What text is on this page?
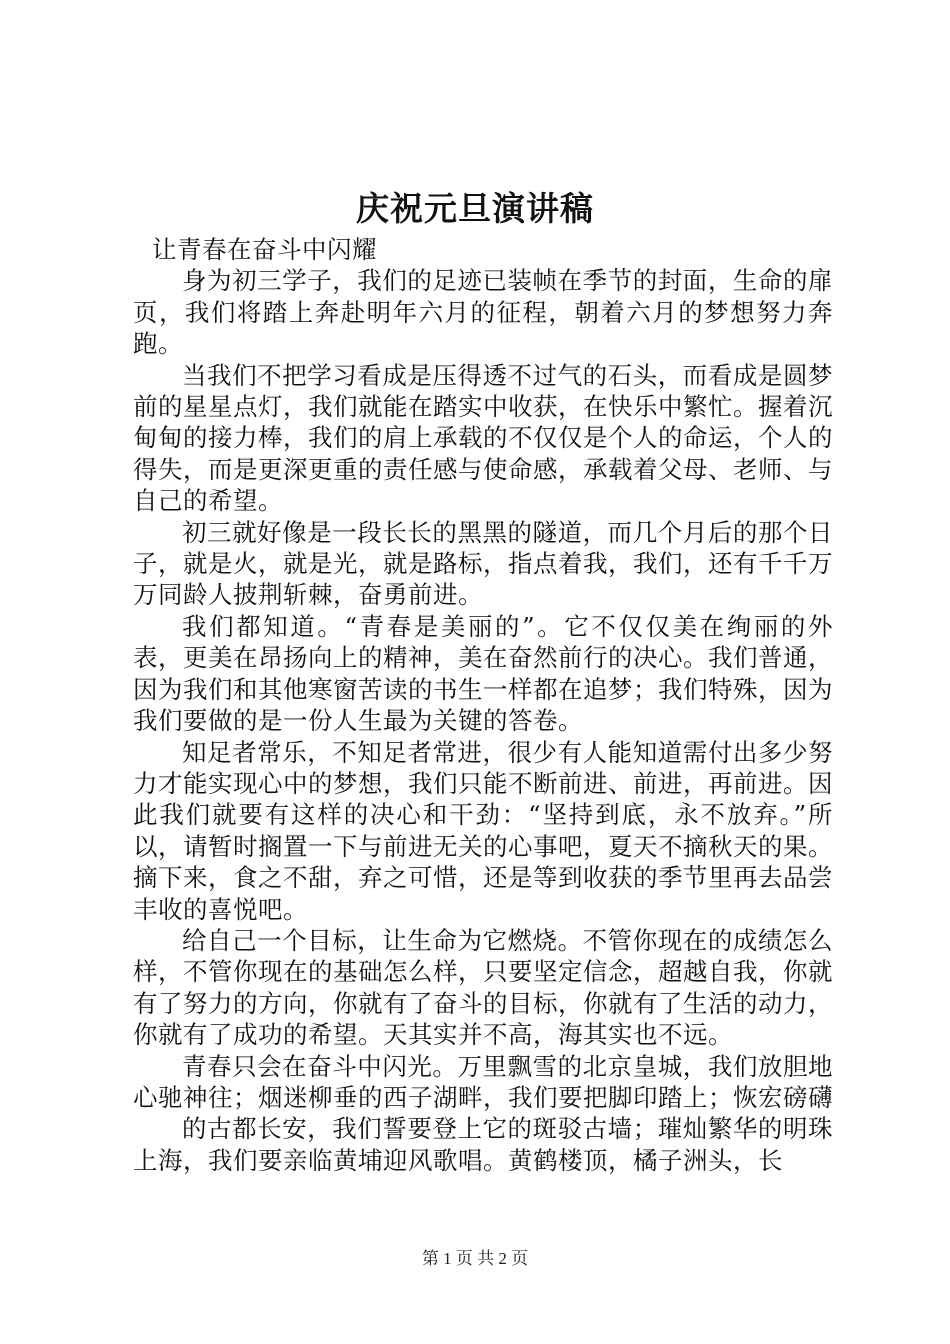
庆祝元旦演讲稿

让青春在奋斗中闪耀

身为初三学子，我们的足迹已装帧在季节的封面，生命的扉页，我们将踏上奔赴明年六月的征程，朝着六月的梦想努力奔跑。

当我们不把学习看成是压得透不过气的石头，而看成是圆梦前的星星点灯，我们就能在踏实中收获，在快乐中繁忙。握着沉甸甸的接力棒，我们的肩上承载的不仅仅是个人的命运，个人的得失，而是更深更重的责任感与使命感，承载着父母、老师、与自己的希望。

初三就好像是一段长长的黑黑的隧道，而几个月后的那个日子，就是火，就是光，就是路标，指点着我，我们，还有千千万万同龄人披荆斩棘，奋勇前进。

我们都知道。“青春是美丽的”。它不仅仅美在绚丽的外表，更美在昂扬向上的精神，美在奋然前行的决心。我们普通，因为我们和其他寒窗苦读的书生一样都在追梦；我们特殊，因为我们要做的是一份人生最为关键的答卷。

知足者常乐，不知足者常进，很少有人能知道需付出多少努力才能实现心中的梦想，我们只能不断前进、前进，再前进。因此我们就要有这样的决心和干劲：“坚持到底，永不放弃。”所以，请暂时搁置一下与前进无关的心事吧，夏天不摘秋天的果。摘下来，食之不甜，弃之可惜，还是等到收获的季节里再去品尝丰收的喜悦吧。

给自己一个目标，让生命为它燃烧。不管你现在的成绩怎么样，不管你现在的基础怎么样，只要坚定信念，超越自我，你就有了努力的方向，你就有了奋斗的目标，你就有了生活的动力，你就有了成功的希望。天其实并不高，海其实也不远。

青春只会在奋斗中闪光。万里飘雪的北京皇城，我们放胆地心驰神往；烟迷柳垂的西子湖畔，我们要把脚印踏上；恢宏磅礴

的古都长安，我们誓要登上它的斑驳古墙；璀灿繁华的明珠上海，我们要亲临黄埔迎风歌唱。黄鹤楼顶，橘子洲头，长

第 1 页 共 2 页
